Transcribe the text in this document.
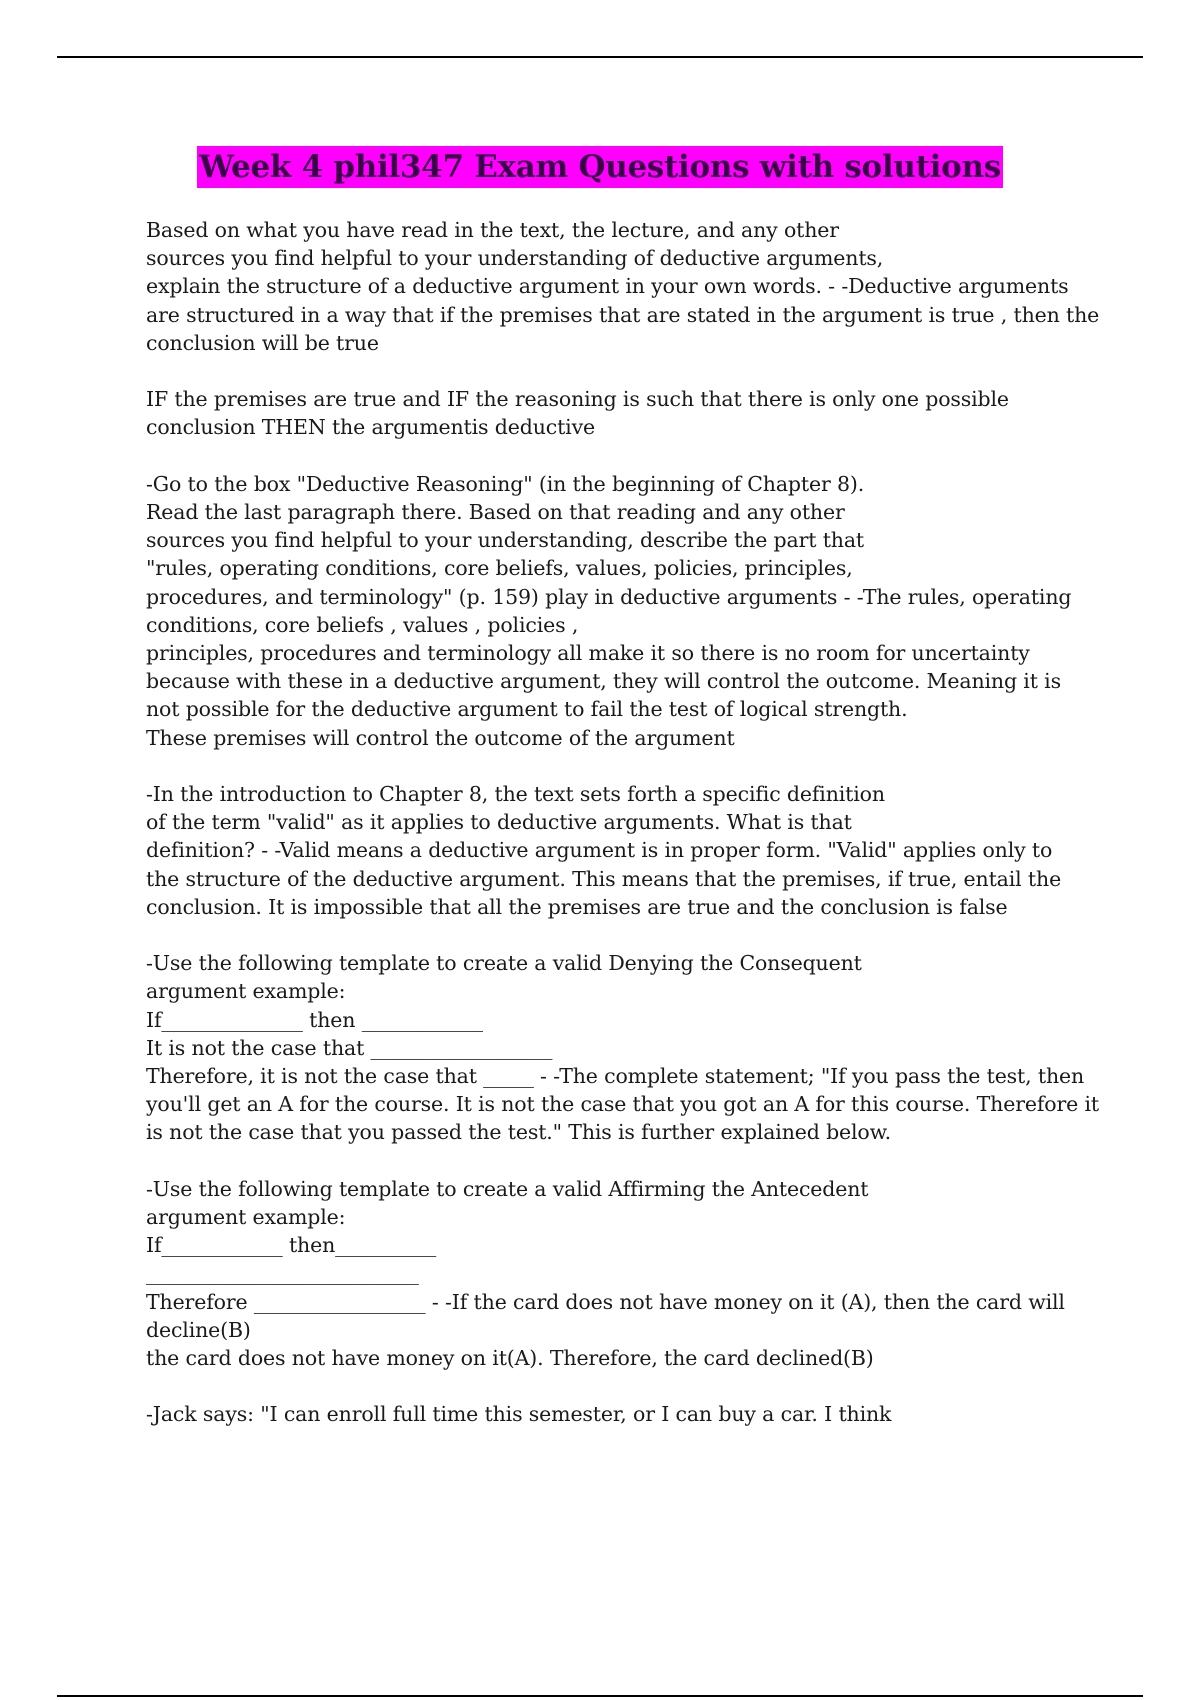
Week 4 phil347 Exam Questions with solutions
Based on what you have read in the text, the lecture, and any other
sources you find helpful to your understanding of deductive arguments,
explain the structure of a deductive argument in your own words. - -Deductive arguments
are structured in a way that if the premises that are stated in the argument is true , then the
conclusion will be true
IF the premises are true and IF the reasoning is such that there is only one possible
conclusion THEN the argumentis deductive
-Go to the box "Deductive Reasoning" (in the beginning of Chapter 8).
Read the last paragraph there. Based on that reading and any other
sources you find helpful to your understanding, describe the part that
"rules, operating conditions, core beliefs, values, policies, principles,
procedures, and terminology" (p. 159) play in deductive arguments - -The rules, operating
conditions, core beliefs , values , policies ,
principles, procedures and terminology all make it so there is no room for uncertainty
because with these in a deductive argument, they will control the outcome. Meaning it is
not possible for the deductive argument to fail the test of logical strength.
These premises will control the outcome of the argument
-In the introduction to Chapter 8, the text sets forth a specific definition
of the term "valid" as it applies to deductive arguments. What is that
definition? - -Valid means a deductive argument is in proper form. "Valid" applies only to
the structure of the deductive argument. This means that the premises, if true, entail the
conclusion. It is impossible that all the premises are true and the conclusion is false
-Use the following template to create a valid Denying the Consequent
argument example:
If______________ then ____________
It is not the case that __________________
Therefore, it is not the case that _____ - -The complete statement; "If you pass the test, then
you'll get an A for the course. It is not the case that you got an A for this course. Therefore it
is not the case that you passed the test." This is further explained below.
-Use the following template to create a valid Affirming the Antecedent
argument example:
If____________ then__________
___________________________
Therefore _________________ - -If the card does not have money on it (A), then the card will
decline(B)
the card does not have money on it(A). Therefore, the card declined(B)
-Jack says: "I can enroll full time this semester, or I can buy a car. I think
